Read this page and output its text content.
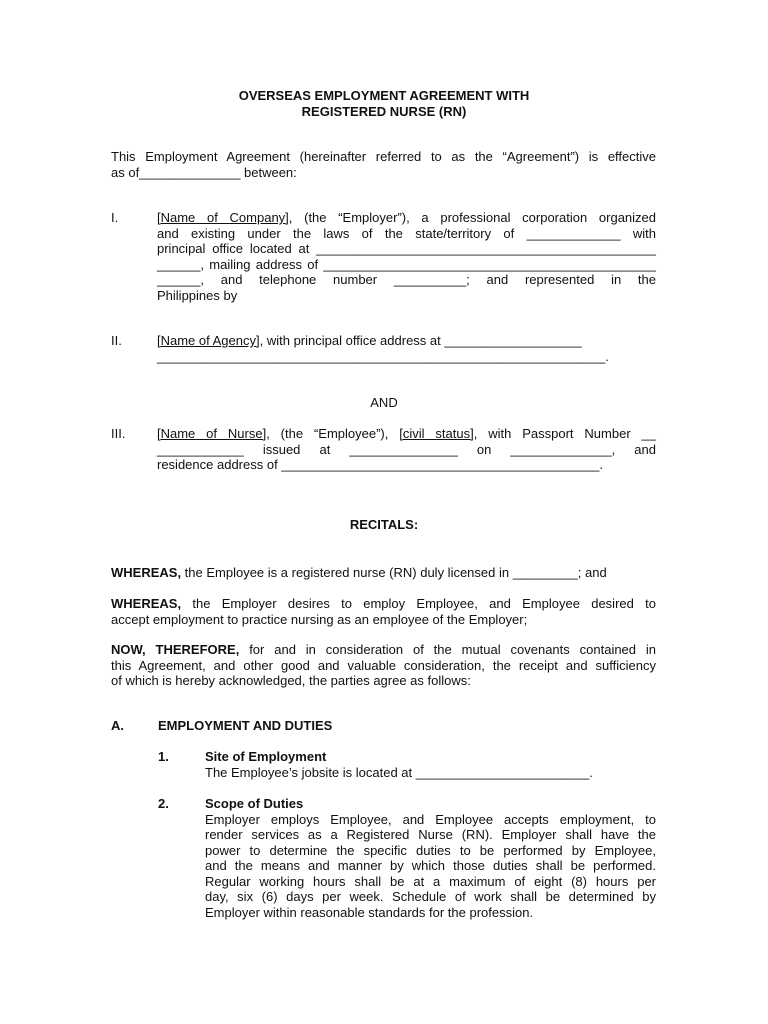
OVERSEAS EMPLOYMENT AGREEMENT WITH
REGISTERED NURSE (RN)
This Employment Agreement (hereinafter referred to as the “Agreement”) is effective
as of______________ between:
I.	[Name of Company], (the “Employer”), a professional corporation organized
and existing under the laws of the state/territory of _____________ with
principal office located at _______________________________________________
______, mailing address of ______________________________________________
______, and telephone number __________; and represented in the
Philippines by
II.	[Name of Agency], with principal office address at ___________________
______________________________________________________________.
AND
III. [Name of Nurse], (the “Employee”), [civil status], with Passport Number __
____________ issued at _______________ on ______________, and
residence address of ____________________________________________.
RECITALS:
WHEREAS, the Employee is a registered nurse (RN) duly licensed in _________; and
WHEREAS, the Employer desires to employ Employee, and Employee desired to
accept employment to practice nursing as an employee of the Employer;
NOW, THEREFORE, for and in consideration of the mutual covenants contained in
this Agreement, and other good and valuable consideration, the receipt and sufficiency
of which is hereby acknowledged, the parties agree as follows:
A.	EMPLOYMENT AND DUTIES
1.	Site of Employment
The Employee’s jobsite is located at ________________________.
2.	Scope of Duties
Employer employs Employee, and Employee accepts employment, to
render services as a Registered Nurse (RN). Employer shall have the
power to determine the specific duties to be performed by Employee,
and the means and manner by which those duties shall be performed.
Regular working hours shall be at a maximum of eight (8) hours per
day, six (6) days per week. Schedule of work shall be determined by
Employer within reasonable standards for the profession.
